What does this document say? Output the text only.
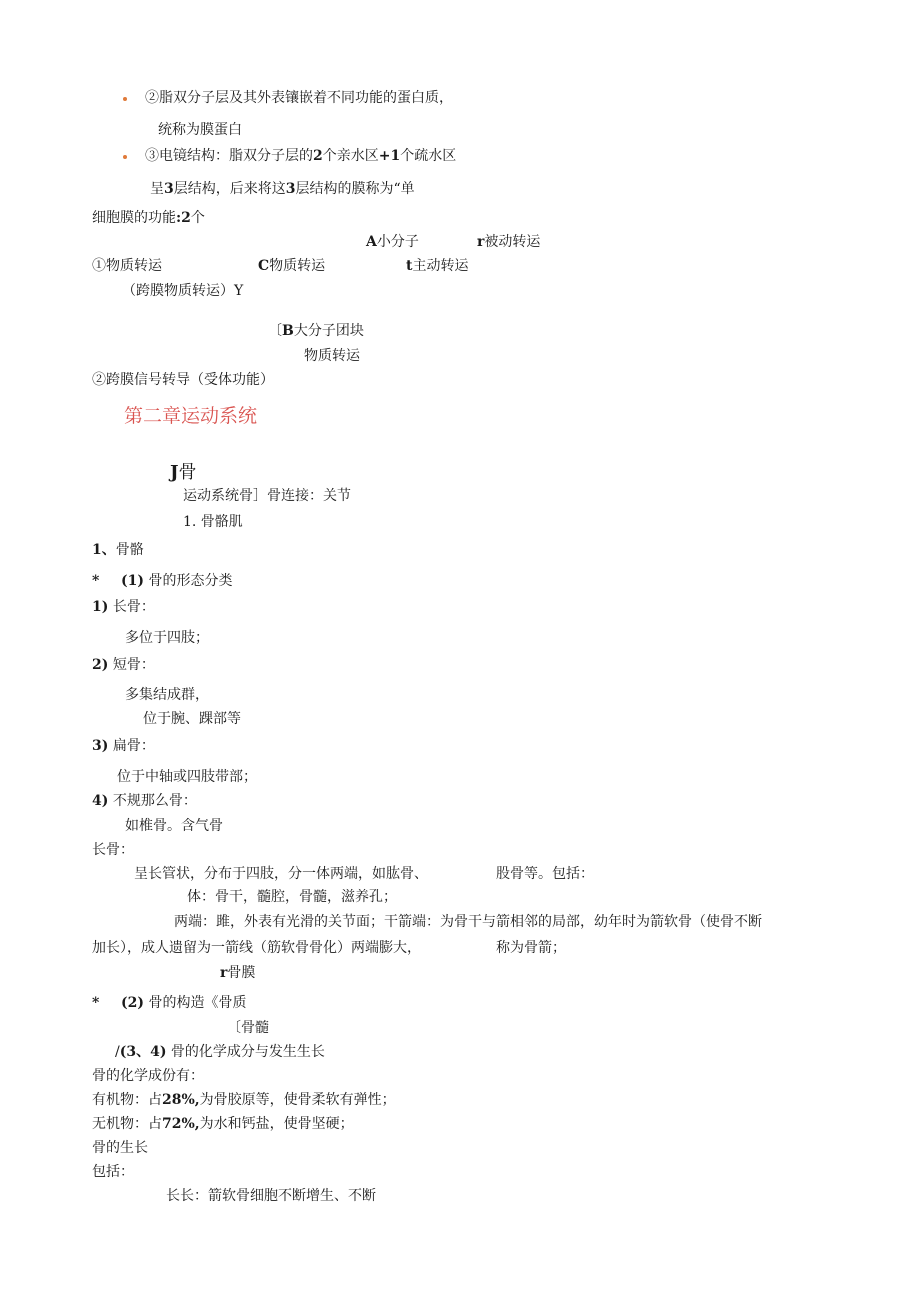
②脂双分子层及其外表镶嵌着不同功能的蛋白质，
统称为膜蛋白
③电镜结构：脂双分子层的2个亲水区+1个疏水区
呈3层结构，后来将这3层结构的膜称为“单
细胞膜的功能:2个
A小分子	r被动转运
①物质转运	C物质转运	t主动转运
（跨膜物质转运）Y
〔B大分子团块
物质转运
②跨膜信号转导（受体功能）
第二章运动系统
J骨
运动系统骨］骨连接：关节
1. 骨骼肌
1、骨骼
* (1) 骨的形态分类
1) 长骨：
多位于四肢；
2) 短骨：
多集结成群，
位于腕、踝部等
3) 扁骨：
位于中轴或四肢带部；
4) 不规那么骨：
如椎骨。含气骨
长骨：
呈长管状，分布于四肢，分一体两端，如肱骨、	股骨等。包括：
体：骨干，髓腔，骨髓，滋养孔；
两端：雎，外表有光滑的关节面；干箭端：为骨干与箭相邻的局部，幼年时为箭软骨（使骨不断
加长），成人遗留为一箭线（筋软骨骨化）两端膨大，	称为骨箭；
r骨膜
* (2) 骨的构造《骨质
〔骨髓
/(3、4) 骨的化学成分与发生生长
骨的化学成份有：
有机物：占28%,为骨胶原等，使骨柔软有弹性；
无机物：占72%,为水和钙盐，使骨坚硬；
骨的生长
包括：
长长：箭软骨细胞不断增生、不断
